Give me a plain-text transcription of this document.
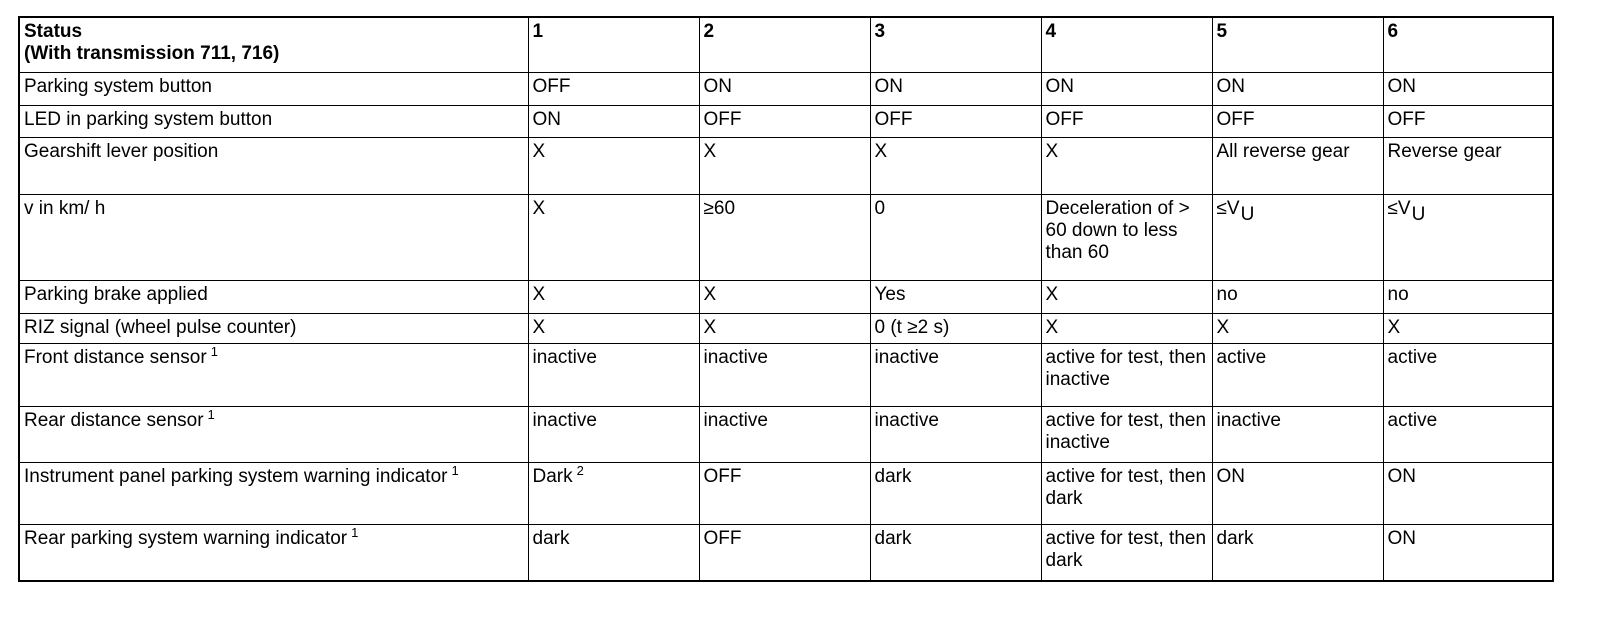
Status
(With transmission 711, 716)	1	2	3	4	5	6
Parking system button	OFF	ON	ON	ON	ON	ON
LED in parking system button	ON	OFF	OFF	OFF	OFF	OFF
Gearshift lever position	X	X	X	X	All reverse gear	Reverse gear
v in km/ h	X	≥60	0	Deceleration of > 60 down to less than 60	≤VU	≤VU
Parking brake applied	X	X	Yes	X	no	no
RIZ signal (wheel pulse counter)	X	X	0 (t ≥2 s)	X	X	X
Front distance sensor $^1$	inactive	inactive	inactive	active for test, then inactive	active	active
Rear distance sensor $^1$	inactive	inactive	inactive	active for test, then inactive	inactive	active
Instrument panel parking system warning indicator $^1$	Dark $^2$	OFF	dark	active for test, then dark	ON	ON
Rear parking system warning indicator $^1$	dark	OFF	dark	active for test, then dark	dark	ON
